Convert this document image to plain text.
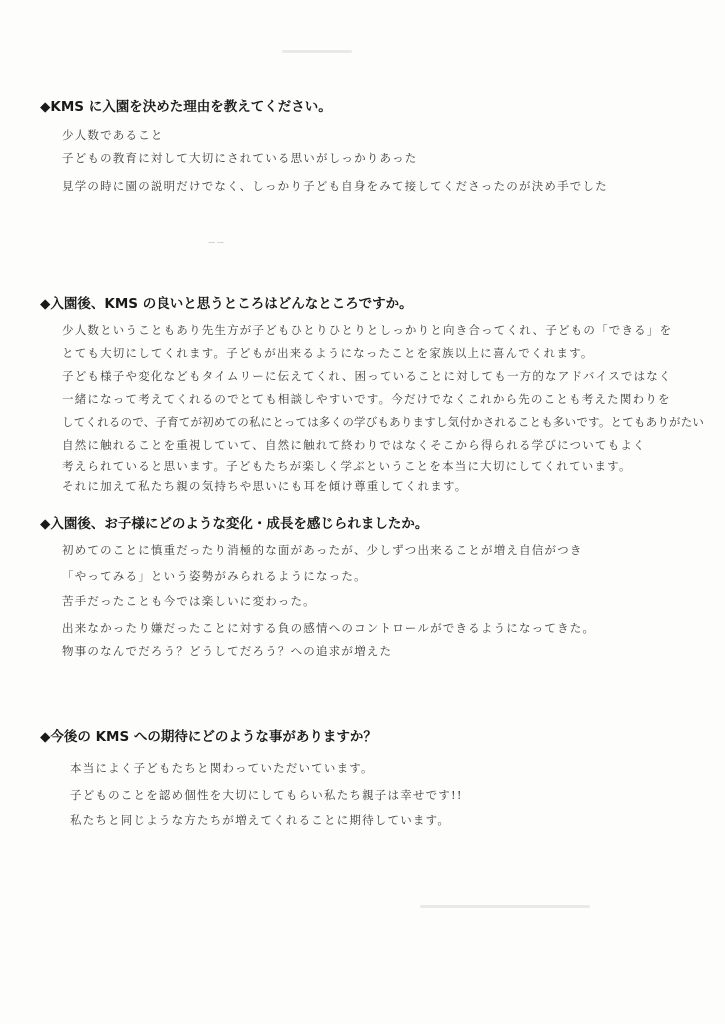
◆KMS に入園を決めた理由を教えてください。
少人数であること
子どもの教育に対して大切にされている思いがしっかりあった
見学の時に園の説明だけでなく、しっかり子ども自身をみて接してくださったのが決め手でした
ㄧㄧ
◆入園後、KMS の良いと思うところはどんなところですか。
少人数ということもあり先生方が子どもひとりひとりとしっかりと向き合ってくれ、子どもの「できる」を
とても大切にしてくれます。子どもが出来るようになったことを家族以上に喜んでくれます。
子ども様子や変化などもタイムリーに伝えてくれ、困っていることに対しても一方的なアドバイスではなく
一緒になって考えてくれるのでとても相談しやすいです。今だけでなくこれから先のことも考えた関わりを
してくれるので、子育てが初めての私にとっては多くの学びもありますし気付かされることも多いです。とてもありがたい
自然に触れることを重視していて、自然に触れて終わりではなくそこから得られる学びについてもよく
考えられていると思います。子どもたちが楽しく学ぶということを本当に大切にしてくれています。
それに加えて私たち親の気持ちや思いにも耳を傾け尊重してくれます。
◆入園後、お子様にどのような変化・成長を感じられましたか。
初めてのことに慎重だったり消極的な面があったが、少しずつ出来ることが増え自信がつき
「やってみる」という姿勢がみられるようになった。
苦手だったことも今では楽しいに変わった。
出来なかったり嫌だったことに対する負の感情へのコントロールができるようになってきた。
物事のなんでだろう？どうしてだろう？への追求が増えた
◆今後の KMS への期待にどのような事がありますか？
本当によく子どもたちと関わっていただいています。
子どものことを認め個性を大切にしてもらい私たち親子は幸せです!!
私たちと同じような方たちが増えてくれることに期待しています。
